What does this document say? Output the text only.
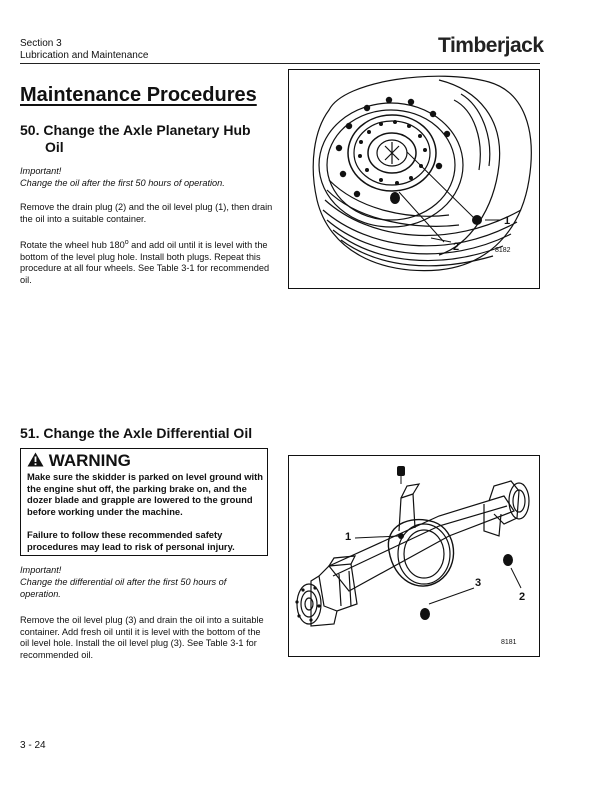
Section 3
Lubrication and Maintenance	Timberjack
Maintenance Procedures
50. Change the Axle Planetary Hub
Oil
Important!
Change the oil after the first 50 hours of operation.
Remove the drain plug (2) and the oil level plug (1), then drain the oil into a suitable container.
Rotate the wheel hub 180$^o$ and add oil until it is level with the bottom of the level plug hole. Install both plugs. Repeat this procedure at all four wheels. See Table 3-1 for recommended oil.
1
2	8182
51. Change the Axle Differential Oil
WARNING
Make sure the skidder is parked on level ground with the engine shut off, the parking brake on, and the dozer blade and grapple are lowered to the ground before working under the machine.
Failure to follow these recommended safety procedures may lead to risk of personal injury.
Important!
Change the differential oil after the first 50 hours of operation.
Remove the oil level plug (3) and drain the oil into a suitable container. Add fresh oil until it is level with the bottom of the oil level hole. Install the oil level plug (3). See Table 3-1 for recommended oil.
1
2
3
8181
3 - 24
